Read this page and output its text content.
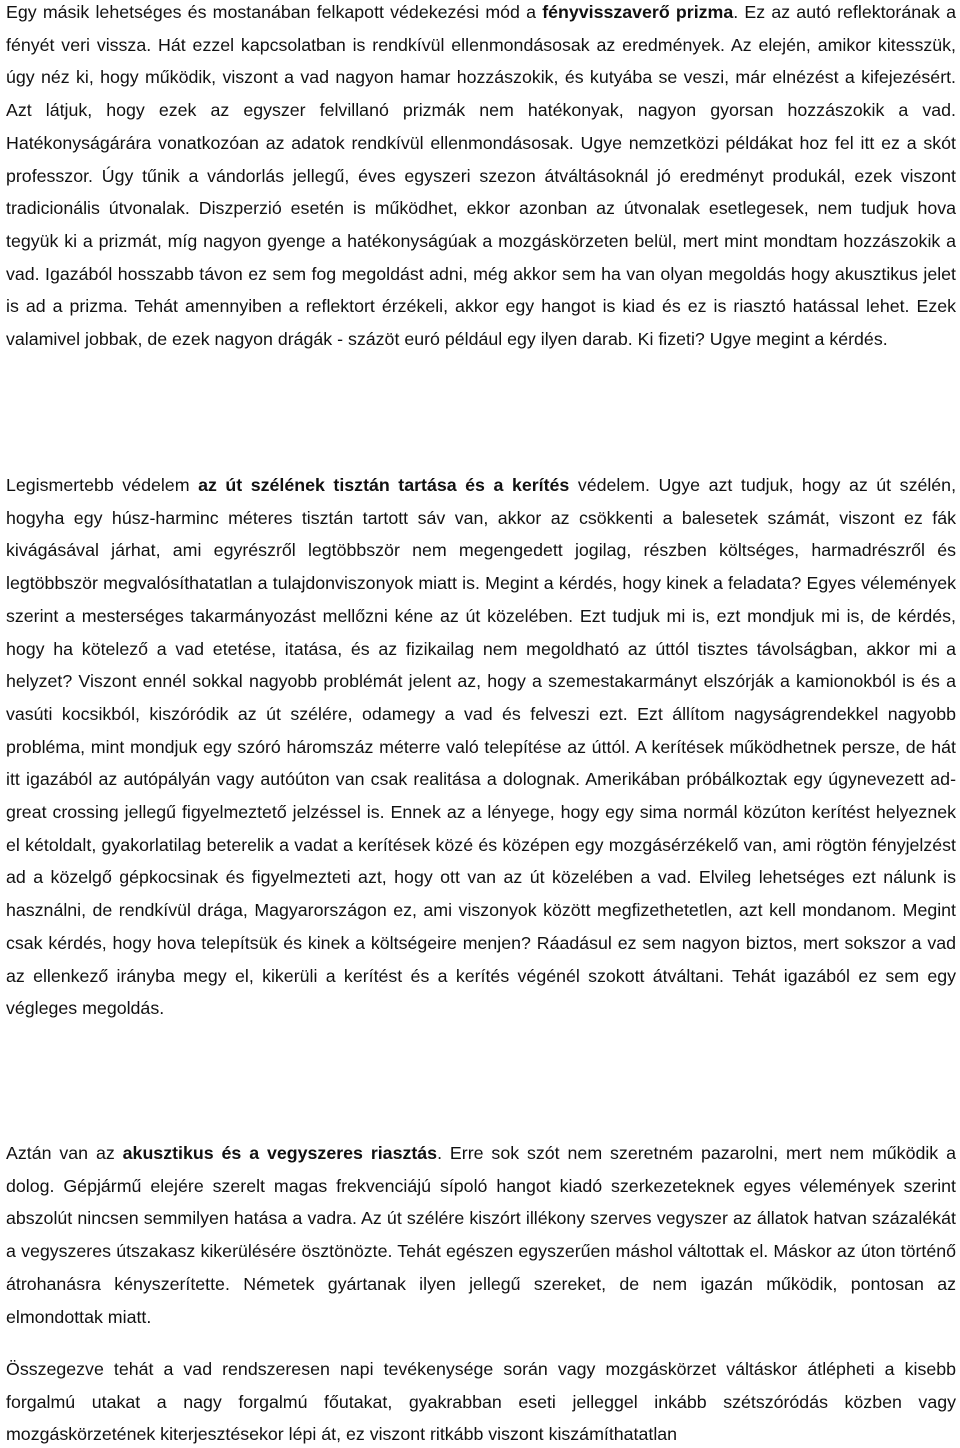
Egy másik lehetséges és mostanában felkapott védekezési mód a fényvisszaverő prizma. Ez az autó reflektorának a fényét veri vissza. Hát ezzel kapcsolatban is rendkívül ellenmondásosak az eredmények. Az elején, amikor kitesszük, úgy néz ki, hogy működik, viszont a vad nagyon hamar hozzászokik, és kutyába se veszi, már elnézést a kifejezésért. Azt látjuk, hogy ezek az egyszer felvillanó prizmák nem hatékonyak, nagyon gyorsan hozzászokik a vad. Hatékonyságárára vonatkozóan az adatok rendkívül ellenmondásosak. Ugye nemzetközi példákat hoz fel itt ez a skót professzor. Úgy tűnik a vándorlás jellegű, éves egyszeri szezon átváltásoknál jó eredményt produkál, ezek viszont tradicionális útvonalak. Diszperzió esetén is működhet, ekkor azonban az útvonalak esetlegesek, nem tudjuk hova tegyük ki a prizmát, míg nagyon gyenge a hatékonyságúak a mozgáskörzeten belül, mert mint mondtam hozzászokik a vad. Igazából hosszabb távon ez sem fog megoldást adni, még akkor sem ha van olyan megoldás hogy akusztikus jelet is ad a prizma. Tehát amennyiben a reflektort érzékeli, akkor egy hangot is kiad és ez is riasztó hatással lehet. Ezek valamivel jobbak, de ezek nagyon drágák - százöt euró például egy ilyen darab. Ki fizeti? Ugye megint a kérdés.

Legismertebb védelem az út szélének tisztán tartása és a kerítés védelem. Ugye azt tudjuk, hogy az út szélén, hogyha egy húsz-harminc méteres tisztán tartott sáv van, akkor az csökkenti a balesetek számát, viszont ez fák kivágásával járhat, ami egyrészről legtöbbször nem megengedett jogilag, részben költséges, harmadrészről és legtöbbször megvalósíthatatlan a tulajdonviszonyok miatt is. Megint a kérdés, hogy kinek a feladata? Egyes vélemények szerint a mesterséges takarmányozást mellőzni kéne az út közelében. Ezt tudjuk mi is, ezt mondjuk mi is, de kérdés, hogy ha kötelező a vad etetése, itatása, és az fizikailag nem megoldható az úttól tisztes távolságban, akkor mi a helyzet? Viszont ennél sokkal nagyobb problémát jelent az, hogy a szemestakarmányt elszórják a kamionokból is és a vasúti kocsikból, kiszóródik az út szélére, odamegy a vad és felveszi ezt. Ezt állítom nagyságrendekkel nagyobb probléma, mint mondjuk egy szóró háromszáz méterre való telepítése az úttól. A kerítések működhetnek persze, de hát itt igazából az autópályán vagy autóúton van csak realitása a dolognak. Amerikában próbálkoztak egy úgynevezett ad-great crossing jellegű figyelmeztető jelzéssel is. Ennek az a lényege, hogy egy sima normál közúton kerítést helyeznek el kétoldalt, gyakorlatilag beterelik a vadat a kerítések közé és középen egy mozgásérzékelő van, ami rögtön fényjelzést ad a közelgő gépkocsinak és figyelmezteti azt, hogy ott van az út közelében a vad. Elvileg lehetséges ezt nálunk is használni, de rendkívül drága, Magyarországon ez, ami viszonyok között megfizethetetlen, azt kell mondanom. Megint csak kérdés, hogy hova telepítsük és kinek a költségeire menjen? Ráadásul ez sem nagyon biztos, mert sokszor a vad az ellenkező irányba megy el, kikerüli a kerítést és a kerítés végénél szokott átváltani. Tehát igazából ez sem egy végleges megoldás.

Aztán van az akusztikus és a vegyszeres riasztás. Erre sok szót nem szeretném pazarolni, mert nem működik a dolog. Gépjármű elejére szerelt magas frekvenciájú sípoló hangot kiadó szerkezeteknek egyes vélemények szerint abszolút nincsen semmilyen hatása a vadra. Az út szélére kiszórt illékony szerves vegyszer az állatok hatvan százalékát a vegyszeres útszakasz kikerülésére ösztönözte. Tehát egészen egyszerűen máshol váltottak el. Máskor az úton történő átrohanásra kényszerítette. Németek gyártanak ilyen jellegű szereket, de nem igazán működik, pontosan az elmondottak miatt.

Összegezve tehát a vad rendszeresen napi tevékenysége során vagy mozgáskörzet váltáskor átlépheti a kisebb forgalmú utakat a nagy forgalmú főutakat, gyakrabban eseti jelleggel inkább szétszóródás közben vagy mozgáskörzetének kiterjesztésekor lépi át, ez viszont ritkább viszont kiszámíthatatlan
